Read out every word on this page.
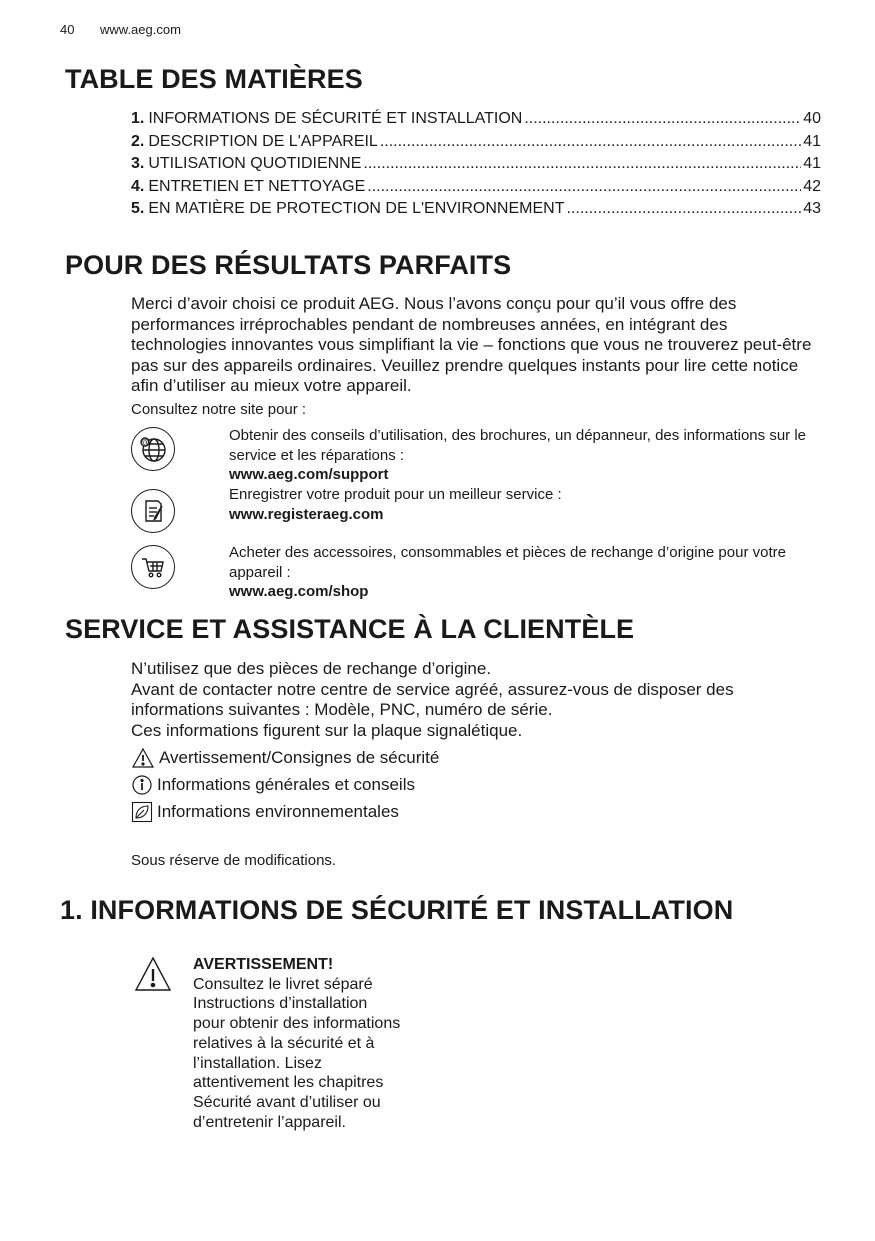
40 www.aeg.com
TABLE DES MATIÈRES
1. INFORMATIONS DE SÉCURITÉ ET INSTALLATION .....	40
2. DESCRIPTION DE L'APPAREIL .....	41
3. UTILISATION QUOTIDIENNE .....	41
4. ENTRETIEN ET NETTOYAGE .....	42
5. EN MATIÈRE DE PROTECTION DE L'ENVIRONNEMENT .....	43
POUR DES RÉSULTATS PARFAITS
Merci d’avoir choisi ce produit AEG. Nous l’avons conçu pour qu’il vous offre des performances irréprochables pendant de nombreuses années, en intégrant des technologies innovantes vous simplifiant la vie – fonctions que vous ne trouverez peut-être pas sur des appareils ordinaires. Veuillez prendre quelques instants pour lire cette notice afin d’utiliser au mieux votre appareil.
Consultez notre site pour :
@	Obtenir des conseils d’utilisation, des brochures, un dépanneur, des informations sur le service et les réparations :
www.aeg.com/support
Enregistrer votre produit pour un meilleur service :
www.registeraeg.com
Acheter des accessoires, consommables et pièces de rechange d’origine pour votre appareil :
www.aeg.com/shop
SERVICE ET ASSISTANCE À LA CLIENTÈLE
N’utilisez que des pièces de rechange d’origine.
Avant de contacter notre centre de service agréé, assurez-vous de disposer des informations suivantes : Modèle, PNC, numéro de série.
Ces informations figurent sur la plaque signalétique.
Avertissement/Consignes de sécurité
Informations générales et conseils
Informations environnementales
Sous réserve de modifications.
1. INFORMATIONS DE SÉCURITÉ ET INSTALLATION
AVERTISSEMENT!
Consultez le livret séparé Instructions d’installation pour obtenir des informations relatives à la sécurité et à l’installation. Lisez attentivement les chapitres Sécurité avant d’utiliser ou d’entretenir l’appareil.
